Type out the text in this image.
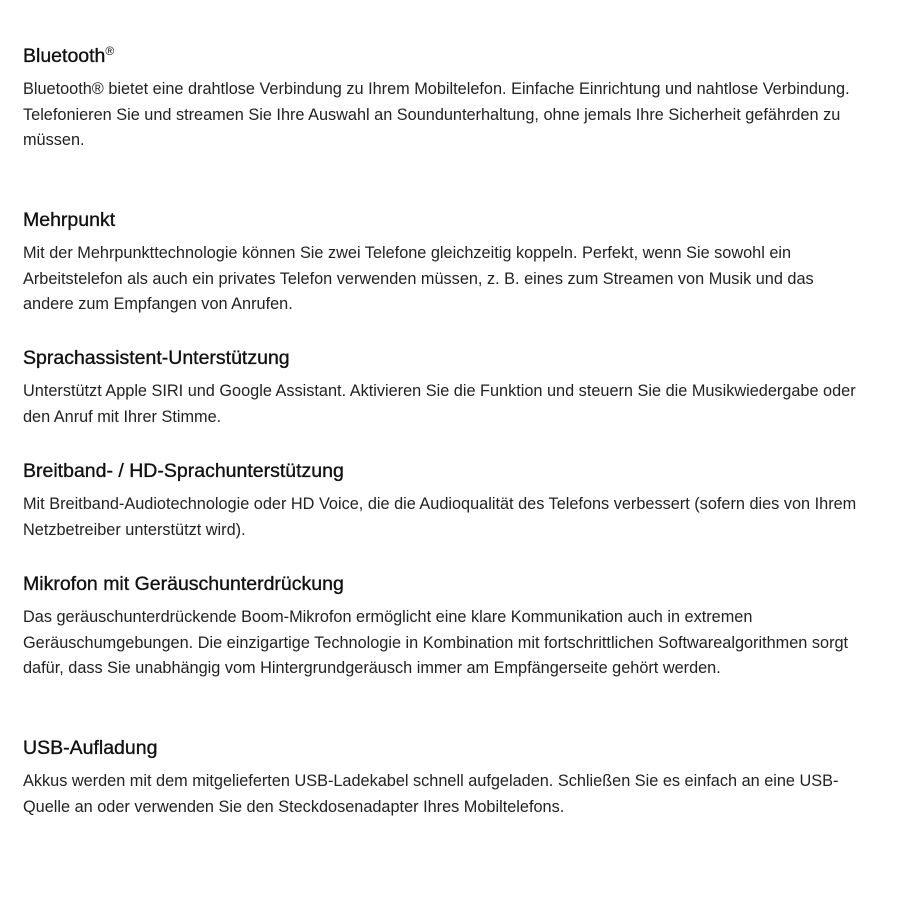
Bluetooth®

Bluetooth® bietet eine drahtlose Verbindung zu Ihrem Mobiltelefon. Einfache Einrichtung und nahtlose Verbindung. Telefonieren Sie und streamen Sie Ihre Auswahl an Soundunterhaltung, ohne jemals Ihre Sicherheit gefährden zu müssen.

Mehrpunkt

Mit der Mehrpunkttechnologie können Sie zwei Telefone gleichzeitig koppeln. Perfekt, wenn Sie sowohl ein Arbeitstelefon als auch ein privates Telefon verwenden müssen, z. B. eines zum Streamen von Musik und das andere zum Empfangen von Anrufen.

Sprachassistent-Unterstützung

Unterstützt Apple SIRI und Google Assistant. Aktivieren Sie die Funktion und steuern Sie die Musikwiedergabe oder den Anruf mit Ihrer Stimme.

Breitband- / HD-Sprachunterstützung

Mit Breitband-Audiotechnologie oder HD Voice, die die Audioqualität des Telefons verbessert (sofern dies von Ihrem Netzbetreiber unterstützt wird).

Mikrofon mit Geräuschunterdrückung

Das geräuschunterdrückende Boom-Mikrofon ermöglicht eine klare Kommunikation auch in extremen Geräuschumgebungen. Die einzigartige Technologie in Kombination mit fortschrittlichen Softwarealgorithmen sorgt dafür, dass Sie unabhängig vom Hintergrundgeräusch immer am Empfängerseite gehört werden.

USB-Aufladung

Akkus werden mit dem mitgelieferten USB-Ladekabel schnell aufgeladen. Schließen Sie es einfach an eine USB-Quelle an oder verwenden Sie den Steckdosenadapter Ihres Mobiltelefons.
